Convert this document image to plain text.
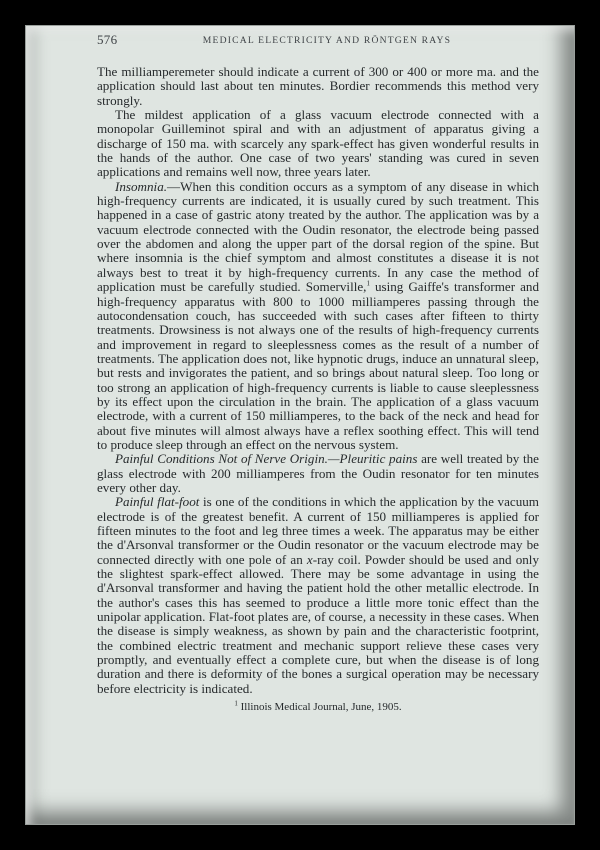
576	MEDICAL ELECTRICITY AND RÖNTGEN RAYS

The milliamperemeter should indicate a current of 300 or 400 or more ma. and the application should last about ten minutes. Bordier recommends this method very strongly.

The mildest application of a glass vacuum electrode connected with a monopolar Guilleminot spiral and with an adjustment of apparatus giving a discharge of 150 ma. with scarcely any spark-effect has given wonderful results in the hands of the author. One case of two years' standing was cured in seven applications and remains well now, three years later.

Insomnia.—When this condition occurs as a symptom of any disease in which high-frequency currents are indicated, it is usually cured by such treatment. This happened in a case of gastric atony treated by the author. The application was by a vacuum electrode connected with the Oudin resonator, the electrode being passed over the abdomen and along the upper part of the dorsal region of the spine. But where insomnia is the chief symptom and almost constitutes a disease it is not always best to treat it by high-frequency currents. In any case the method of application must be carefully studied. Somerville,$^1$ using Gaiffe's transformer and high-frequency apparatus with 800 to 1000 milliamperes passing through the autocondensation couch, has succeeded with such cases after fifteen to thirty treatments. Drowsiness is not always one of the results of high-frequency currents and improvement in regard to sleeplessness comes as the result of a number of treatments. The application does not, like hypnotic drugs, induce an unnatural sleep, but rests and invigorates the patient, and so brings about natural sleep. Too long or too strong an application of high-frequency currents is liable to cause sleeplessness by its effect upon the circulation in the brain. The application of a glass vacuum electrode, with a current of 150 milliamperes, to the back of the neck and head for about five minutes will almost always have a reflex soothing effect. This will tend to produce sleep through an effect on the nervous system.

Painful Conditions Not of Nerve Origin.—Pleuritic pains are well treated by the glass electrode with 200 milliamperes from the Oudin resonator for ten minutes every other day.

Painful flat-foot is one of the conditions in which the application by the vacuum electrode is of the greatest benefit. A current of 150 milliamperes is applied for fifteen minutes to the foot and leg three times a week. The apparatus may be either the d'Arsonval transformer or the Oudin resonator or the vacuum electrode may be connected directly with one pole of an x-ray coil. Powder should be used and only the slightest spark-effect allowed. There may be some advantage in using the d'Arsonval transformer and having the patient hold the other metallic electrode. In the author's cases this has seemed to produce a little more tonic effect than the unipolar application. Flat-foot plates are, of course, a necessity in these cases. When the disease is simply weakness, as shown by pain and the characteristic footprint, the combined electric treatment and mechanic support relieve these cases very promptly, and eventually effect a complete cure, but when the disease is of long duration and there is deformity of the bones a surgical operation may be necessary before electricity is indicated.

$^1$ Illinois Medical Journal, June, 1905.
